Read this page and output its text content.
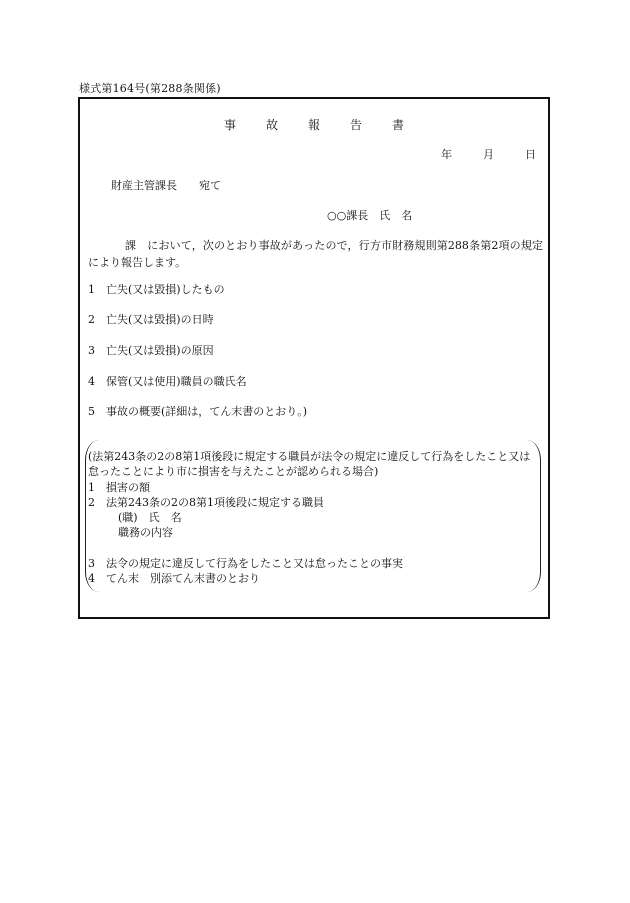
様式第164号(第288条関係)
事故報告書
年	月	日
財産主管課長　　宛て
○○課長　氏　名
課　において，次のとおり事故があったので，行方市財務規則第288条第2項の規定により報告します。
1　亡失(又は毀損)したもの
2　亡失(又は毀損)の日時
3　亡失(又は毀損)の原因
4　保管(又は使用)職員の職氏名
5　事故の概要(詳細は，てん末書のとおり。)
(法第243条の2の8第1項後段に規定する職員が法令の規定に違反して行為をしたこと又は怠ったことにより市に損害を与えたことが認められる場合)
1　損害の額
2　法第243条の2の8第1項後段に規定する職員
(職)　氏　名
職務の内容
3　法令の規定に違反して行為をしたこと又は怠ったことの事実
4　てん末　別添てん末書のとおり
